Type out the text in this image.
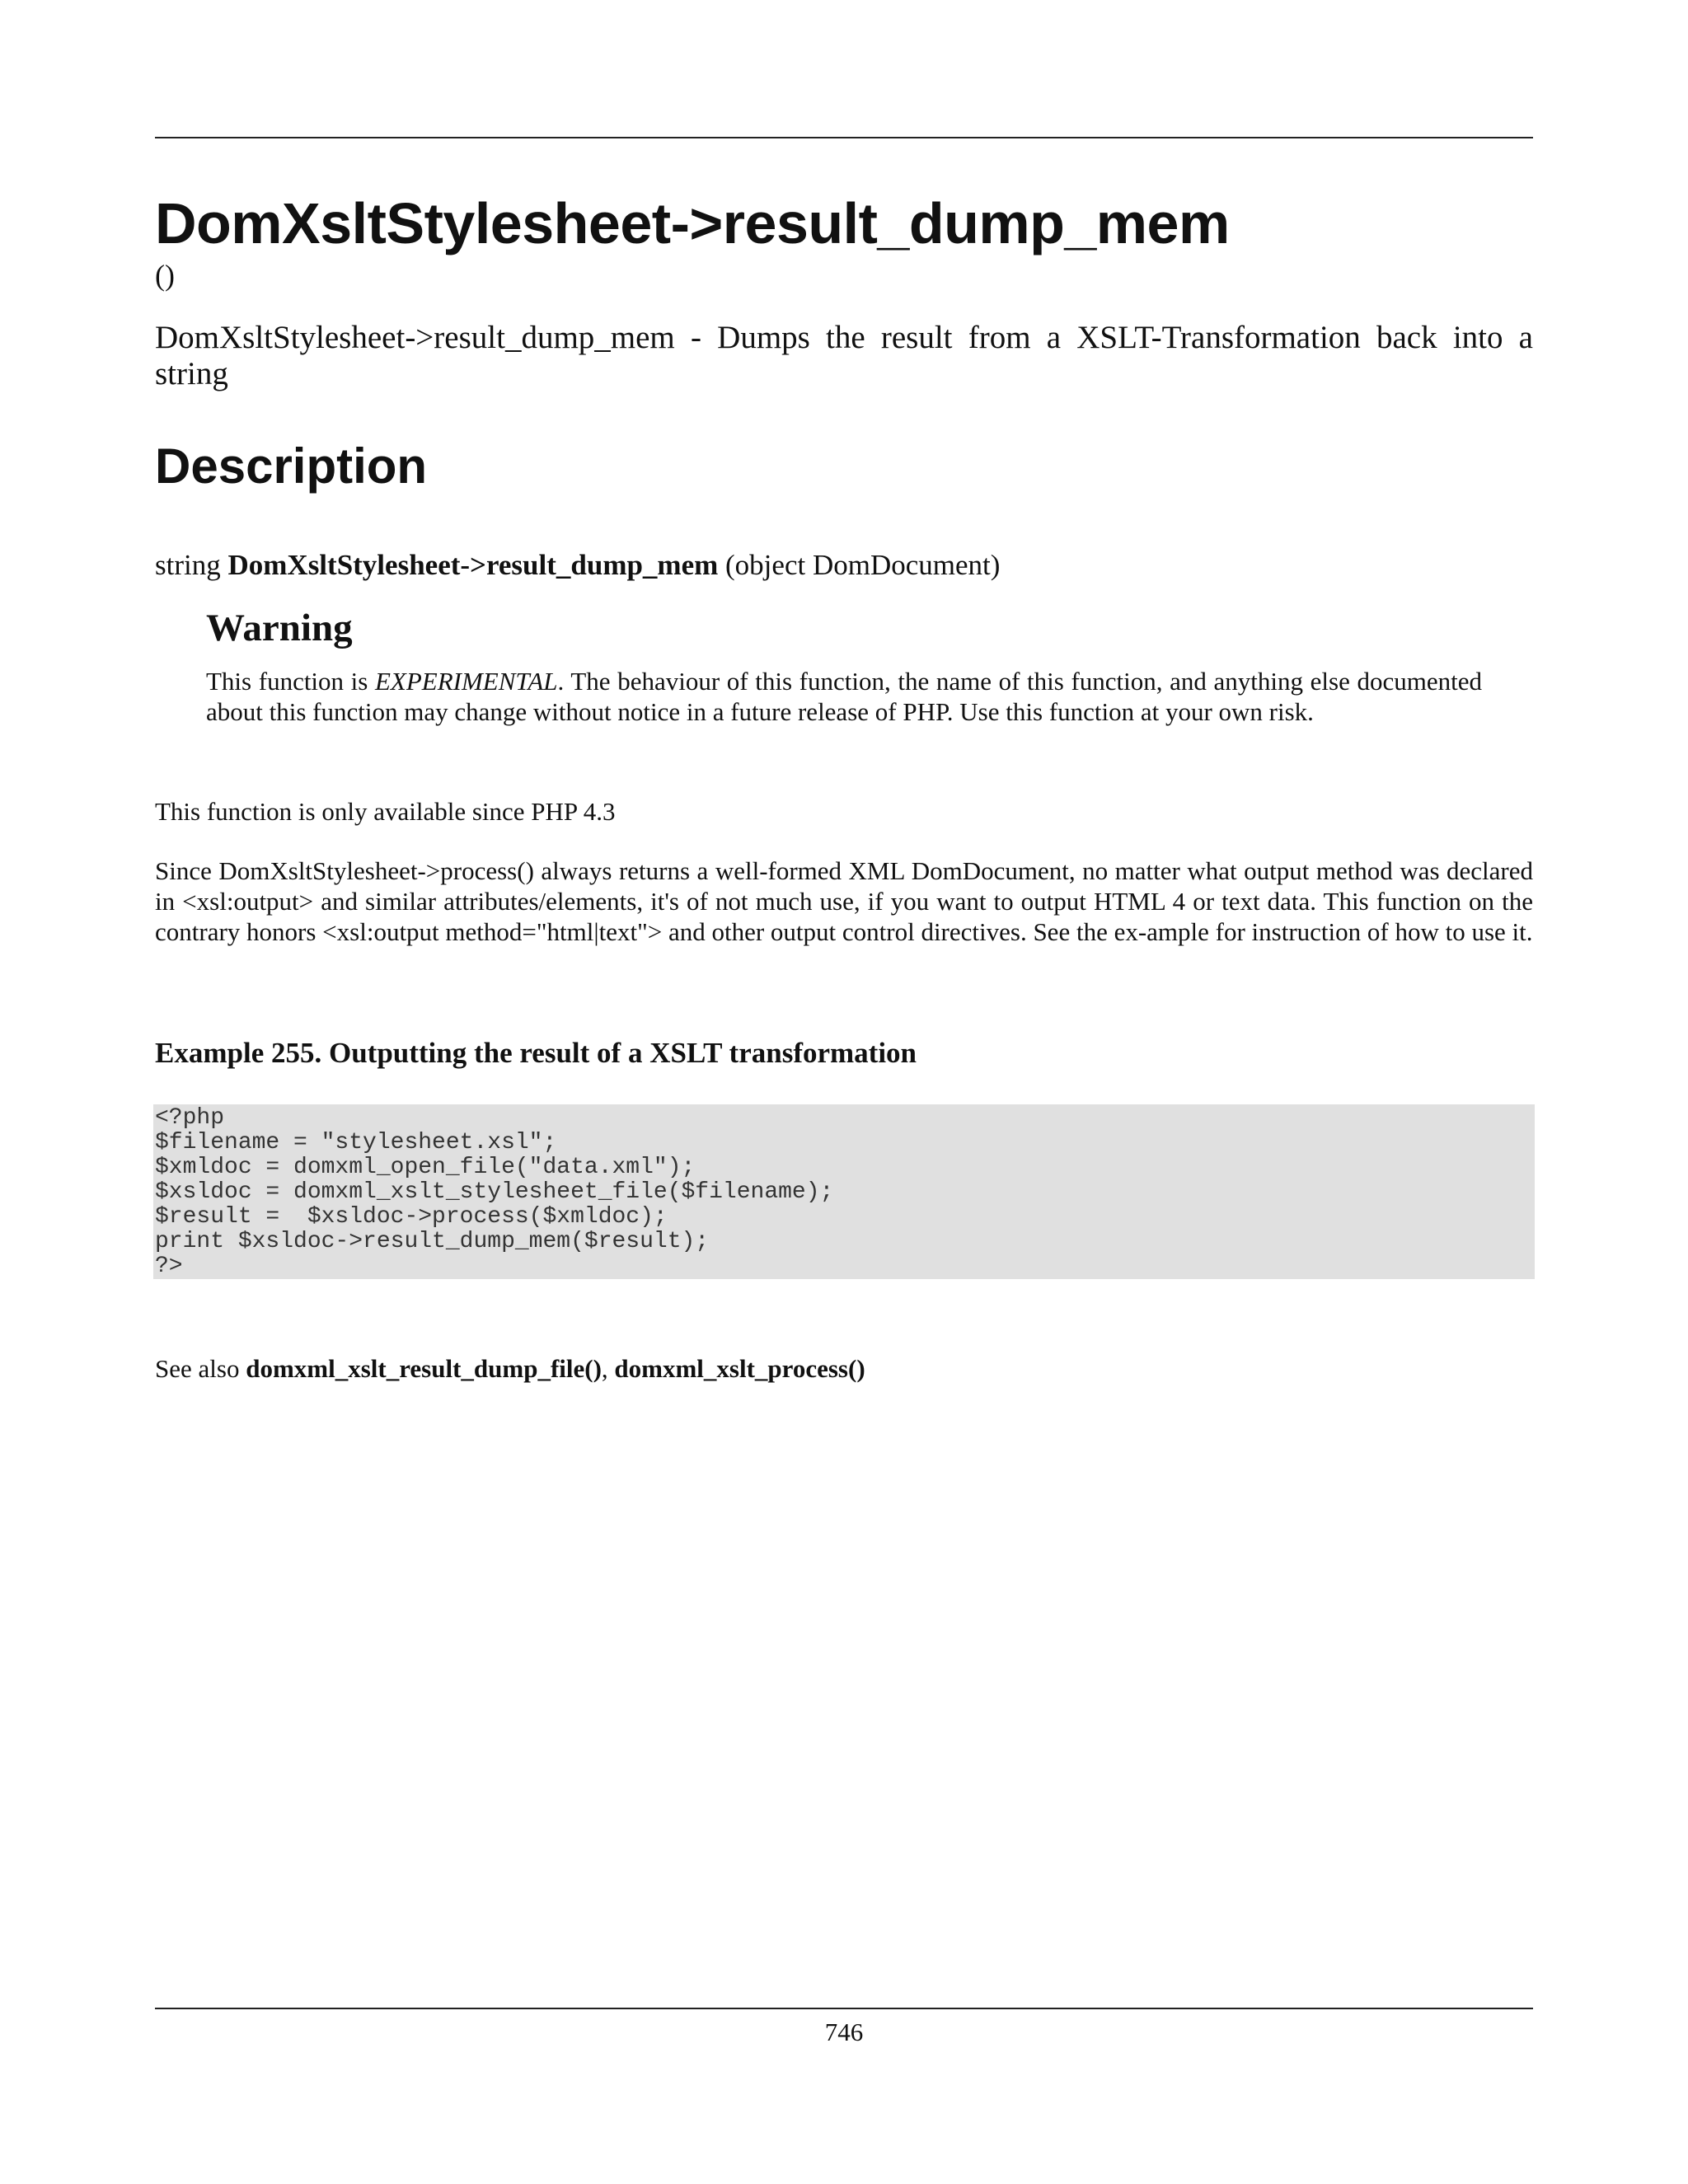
DomXsltStylesheet->result_dump_mem
()

DomXsltStylesheet->result_dump_mem - Dumps the result from a XSLT-Transformation back into a string

Description
string DomXsltStylesheet->result_dump_mem (object DomDocument)
Warning

This function is EXPERIMENTAL. The behaviour of this function, the name of this function, and anything else documented about this function may change without notice in a future release of PHP. Use this function at your own risk.

This function is only available since PHP 4.3

Since DomXsltStylesheet->process() always returns a well-formed XML DomDocument, no matter what output method was declared in <xsl:output> and similar attributes/elements, it's of not much use, if you want to output HTML 4 or text data. This function on the contrary honors <xsl:output method="html|text"> and other output control directives. See the ex-ample for instruction of how to use it.

Example 255. Outputting the result of a XSLT transformation

<?php
$filename = "stylesheet.xsl";
$xmldoc = domxml_open_file("data.xml");
$xsldoc = domxml_xslt_stylesheet_file($filename);
$result =  $xsldoc->process($xmldoc);
print $xsldoc->result_dump_mem($result);
?>

See also domxml_xslt_result_dump_file(), domxml_xslt_process()

746
